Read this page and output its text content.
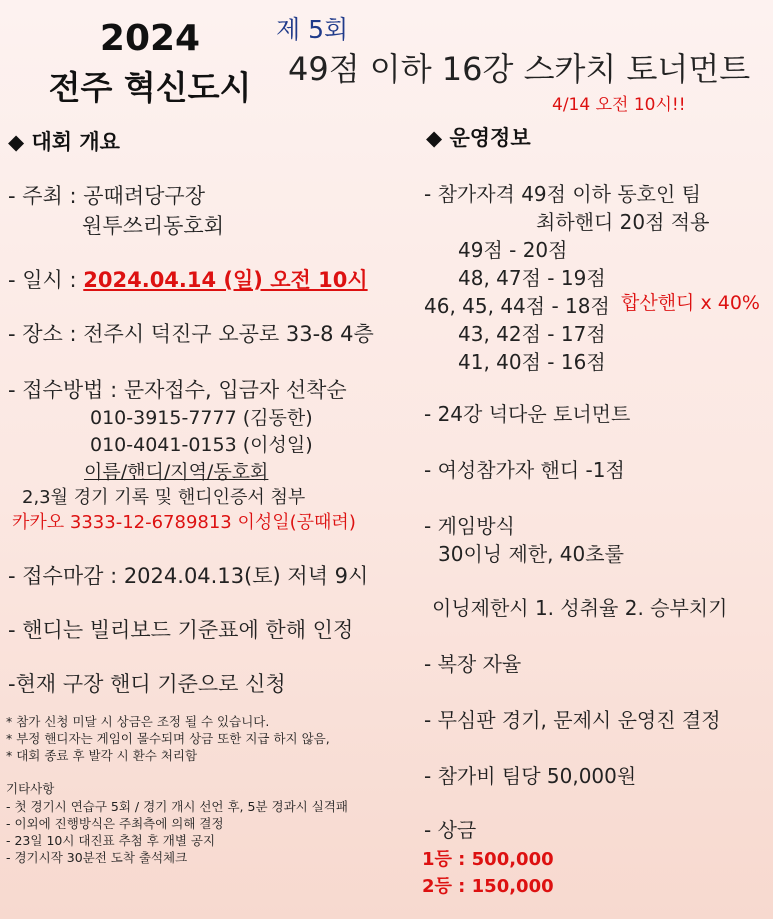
2024
전주 혁신도시
제 5회
49점 이하 16강 스카치 토너먼트
4/14 오전 10시!!
◆ 대회 개요
- 주최 : 공때려당구장
원투쓰리동호회
- 일시 : 2024.04.14 (일) 오전 10시
- 장소 : 전주시 덕진구 오공로 33-8 4층
- 접수방법 : 문자접수, 입금자 선착순
010-3915-7777 (김동한)
010-4041-0153 (이성일)
이름/핸디/지역/동호회
2,3월 경기 기록 및 핸디인증서 첨부
카카오 3333-12-6789813 이성일(공때려)
- 접수마감 : 2024.04.13(토) 저녁 9시
- 핸디는 빌리보드 기준표에 한해 인정
-현재 구장 핸디 기준으로 신청
* 참가 신청 미달 시 상금은 조정 될 수 있습니다.
* 부정 핸디자는 게임이 몰수되며 상금 또한 지급 하지 않음,
* 대회 종료 후 발각 시 환수 처리함
기타사항
- 첫 경기시 연습구 5회 / 경기 개시 선언 후, 5분 경과시 실격패
- 이외에 진행방식은 주최측에 의해 결정
- 23일 10시 대진표 추첨 후 개별 공지
- 경기시작 30분전 도착 출석체크
◆ 운영정보
- 참가자격 49점 이하 동호인 팀
최하핸디 20점 적용
49점 - 20점
48, 47점 - 19점
46, 45, 44점 - 18점 합산핸디 x 40%
43, 42점 - 17점
41, 40점 - 16점
- 24강 넉다운 토너먼트
- 여성참가자 핸디 -1점
- 게임방식
30이닝 제한, 40초룰
이닝제한시 1. 성취율 2. 승부치기
- 복장 자율
- 무심판 경기, 문제시 운영진 결정
- 참가비 팀당 50,000원
- 상금
1등 : 500,000
2등 : 150,000
